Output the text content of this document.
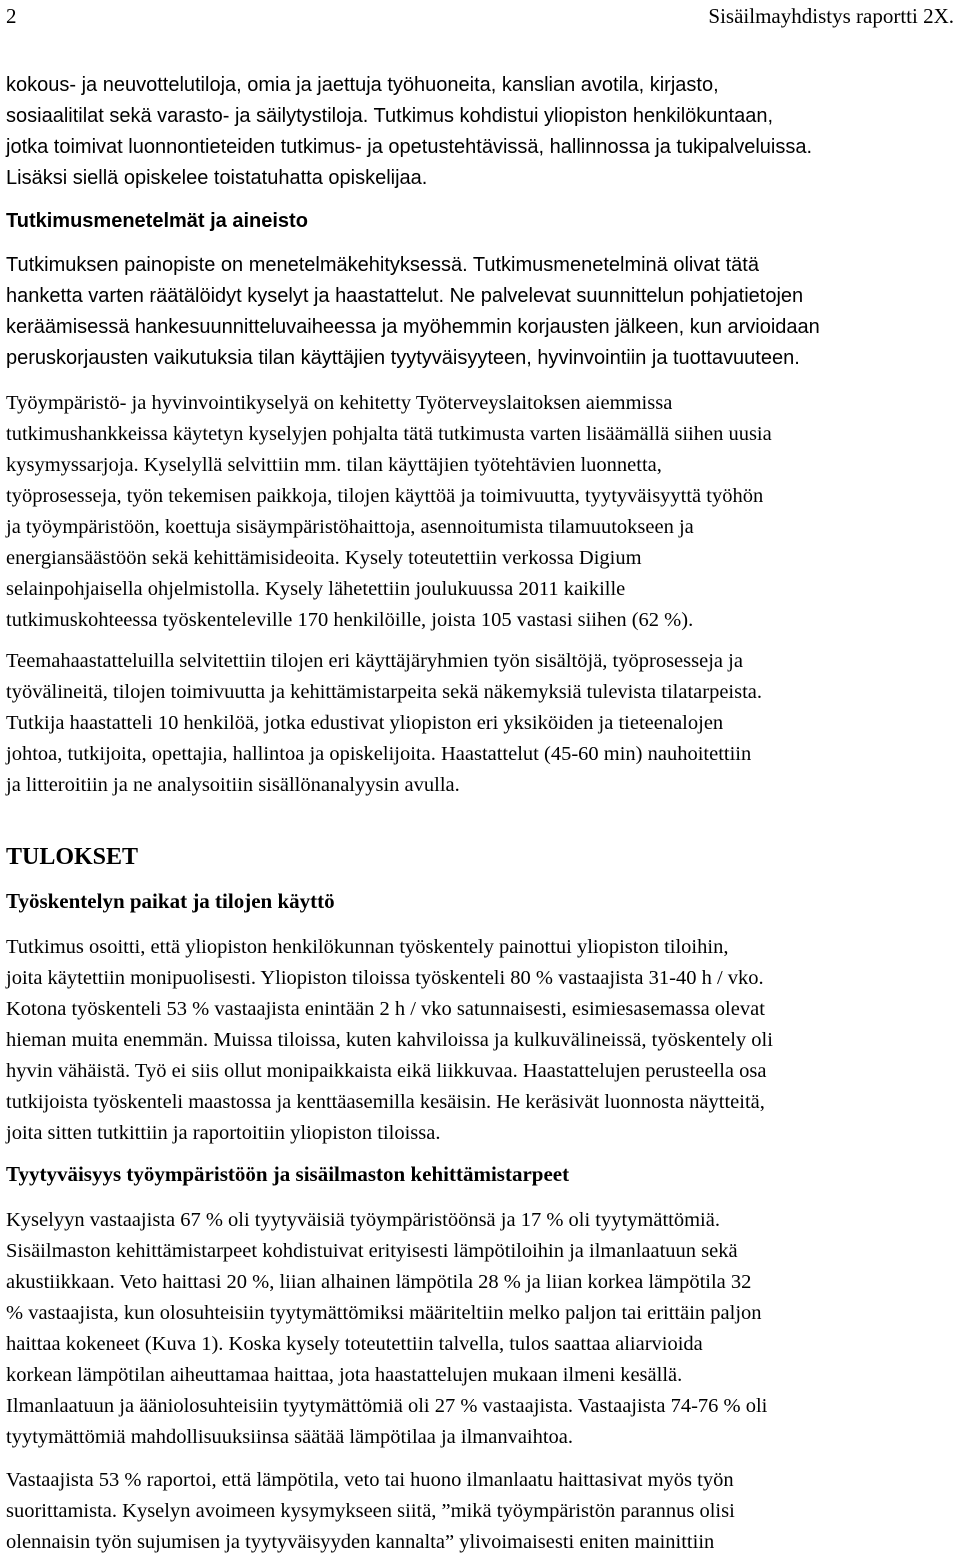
2	Sisäilmayhdistys raportti 2X.
kokous- ja neuvottelutiloja, omia ja jaettuja työhuoneita, kanslian avotila, kirjasto,
sosiaalitilat sekä varasto- ja säilytystiloja. Tutkimus kohdistui yliopiston henkilökuntaan,
jotka toimivat luonnontieteiden tutkimus- ja opetustehtävissä, hallinnossa ja tukipalveluissa.
Lisäksi siellä opiskelee toistatuhatta opiskelijaa.
Tutkimusmenetelmät ja aineisto
Tutkimuksen painopiste on menetelmäkehityksessä. Tutkimusmenetelminä olivat tätä
hanketta varten räätälöidyt kyselyt ja haastattelut. Ne palvelevat suunnittelun pohjatietojen
keräämisessä hankesuunnitteluvaiheessa ja myöhemmin korjausten jälkeen, kun arvioidaan
peruskorjausten vaikutuksia tilan käyttäjien tyytyväisyyteen, hyvinvointiin ja tuottavuuteen.
Työympäristö- ja hyvinvointikyselyä on kehitetty Työterveyslaitoksen aiemmissa
tutkimushankkeissa käytetyn kyselyjen pohjalta tätä tutkimusta varten lisäämällä siihen uusia
kysymyssarjoja. Kyselyllä selvittiin mm. tilan käyttäjien työtehtävien luonnetta,
työprosesseja, työn tekemisen paikkoja, tilojen käyttöä ja toimivuutta, tyytyväisyyttä työhön
ja työympäristöön, koettuja sisäympäristöhaittoja, asennoitumista tilamuutokseen ja
energiansäästöön sekä kehittämisideoita. Kysely toteutettiin verkossa Digium
selainpohjaisella ohjelmistolla. Kysely lähetettiin joulukuussa 2011 kaikille
tutkimuskohteessa työskenteleville 170 henkilöille, joista 105 vastasi siihen (62 %).
Teemahaastatteluilla selvitettiin tilojen eri käyttäjäryhmien työn sisältöjä, työprosesseja ja
työvälineitä, tilojen toimivuutta ja kehittämistarpeita sekä näkemyksiä tulevista tilatarpeista.
Tutkija haastatteli 10 henkilöä, jotka edustivat yliopiston eri yksiköiden ja tieteenalojen
johtoa, tutkijoita, opettajia, hallintoa ja opiskelijoita. Haastattelut (45-60 min) nauhoitettiin
ja litteroitiin ja ne analysoitiin sisällönanalyysin avulla.
TULOKSET
Työskentelyn paikat ja tilojen käyttö
Tutkimus osoitti, että yliopiston henkilökunnan työskentely painottui yliopiston tiloihin,
joita käytettiin monipuolisesti. Yliopiston tiloissa työskenteli 80 % vastaajista 31-40 h / vko.
Kotona työskenteli 53 % vastaajista enintään 2 h / vko satunnaisesti, esimiesasemassa olevat
hieman muita enemmän. Muissa tiloissa, kuten kahviloissa ja kulkuvälineissä, työskentely oli
hyvin vähäistä. Työ ei siis ollut monipaikkaista eikä liikkuvaa. Haastattelujen perusteella osa
tutkijoista työskenteli maastossa ja kenttäasemilla kesäisin. He keräsivät luonnosta näytteitä,
joita sitten tutkittiin ja raportoitiin yliopiston tiloissa.
Tyytyväisyys työympäristöön ja sisäilmaston kehittämistarpeet
Kyselyyn vastaajista 67 % oli tyytyväisiä työympäristöönsä ja 17 % oli tyytymättömiä.
Sisäilmaston kehittämistarpeet kohdistuivat erityisesti lämpötiloihin ja ilmanlaatuun sekä
akustiikkaan. Veto haittasi 20 %, liian alhainen lämpötila 28 % ja liian korkea lämpötila 32
% vastaajista, kun olosuhteisiin tyytymättömiksi määriteltiin melko paljon tai erittäin paljon
haittaa kokeneet (Kuva 1). Koska kysely toteutettiin talvella, tulos saattaa aliarvioida
korkean lämpötilan aiheuttamaa haittaa, jota haastattelujen mukaan ilmeni kesällä.
Ilmanlaatuun ja ääniolosuhteisiin tyytymättömiä oli 27 % vastaajista. Vastaajista 74-76 % oli
tyytymättömiä mahdollisuuksiinsa säätää lämpötilaa ja ilmanvaihtoa.
Vastaajista 53 % raportoi, että lämpötila, veto tai huono ilmanlaatu haittasivat myös työn
suorittamista. Kyselyn avoimeen kysymykseen siitä, ”mikä työympäristön parannus olisi
olennaisin työn sujumisen ja tyytyväisyyden kannalta” ylivoimaisesti eniten mainittiin
